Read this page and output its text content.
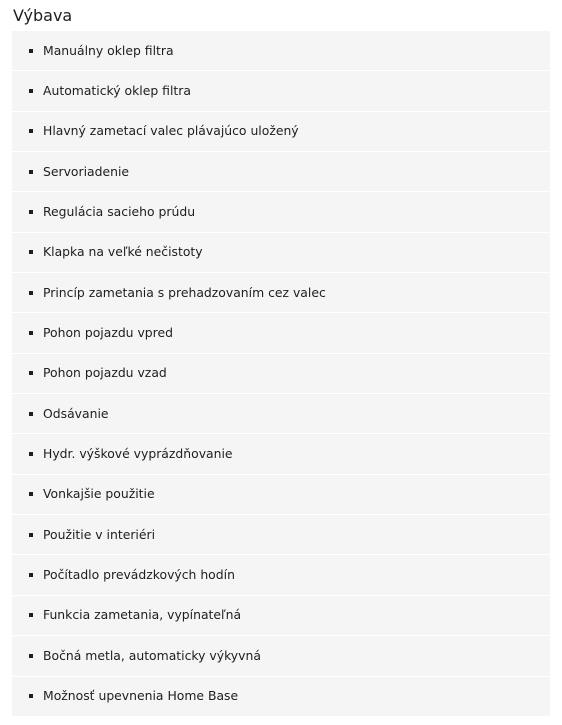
Výbava
Manuálny oklep filtra
Automatický oklep filtra
Hlavný zametací valec plávajúco uložený
Servoriadenie
Regulácia sacieho prúdu
Klapka na veľké nečistoty
Princíp zametania s prehadzovaním cez valec
Pohon pojazdu vpred
Pohon pojazdu vzad
Odsávanie
Hydr. výškové vyprázdňovanie
Vonkajšie použitie
Použitie v interiéri
Počítadlo prevádzkových hodín
Funkcia zametania, vypínateľná
Bočná metla, automaticky výkyvná
Možnosť upevnenia Home Base
